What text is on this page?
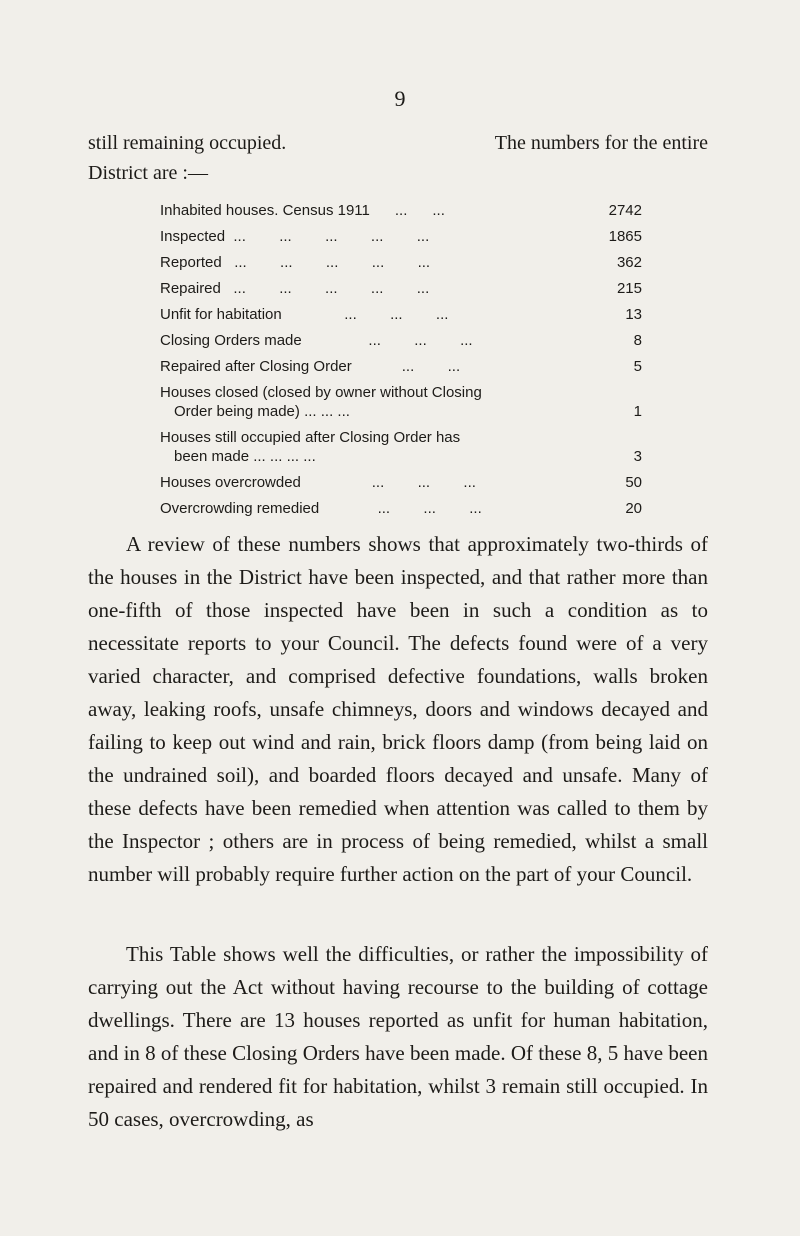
9
still remaining occupied.	The numbers for the entire
District are :—
Inhabited houses. Census 1911      ...      ...	2742
Inspected  ...        ...        ...        ...        ...	1865
Reported   ...        ...        ...        ...        ...	362
Repaired   ...        ...        ...        ...        ...	215
Unfit for habitation               ...        ...        ...	13
Closing Orders made                ...        ...        ...	8
Repaired after Closing Order            ...        ...	5
Houses closed (closed by owner without Closing
Order being made) ... ... ...	1
Houses still occupied after Closing Order has
been made ... ... ... ...	3
Houses overcrowded                 ...        ...        ...	50
Overcrowding remedied              ...        ...        ...	20

A review of these numbers shows that approximately two-thirds of the houses in the District have been inspected, and that rather more than one-fifth of those inspected have been in such a condition as to necessitate reports to your Council. The defects found were of a very varied character, and comprised defective foundations, walls broken away, leaking roofs, unsafe chimneys, doors and windows decayed and failing to keep out wind and rain, brick floors damp (from being laid on the undrained soil), and boarded floors decayed and unsafe. Many of these defects have been remedied when attention was called to them by the Inspector ; others are in process of being remedied, whilst a small number will probably require further action on the part of your Council.

This Table shows well the difficulties, or rather the impossibility of carrying out the Act without having recourse to the building of cottage dwellings. There are 13 houses reported as unfit for human habitation, and in 8 of these Closing Orders have been made. Of these 8, 5 have been repaired and rendered fit for habitation, whilst 3 remain still occupied. In 50 cases, overcrowding, as
